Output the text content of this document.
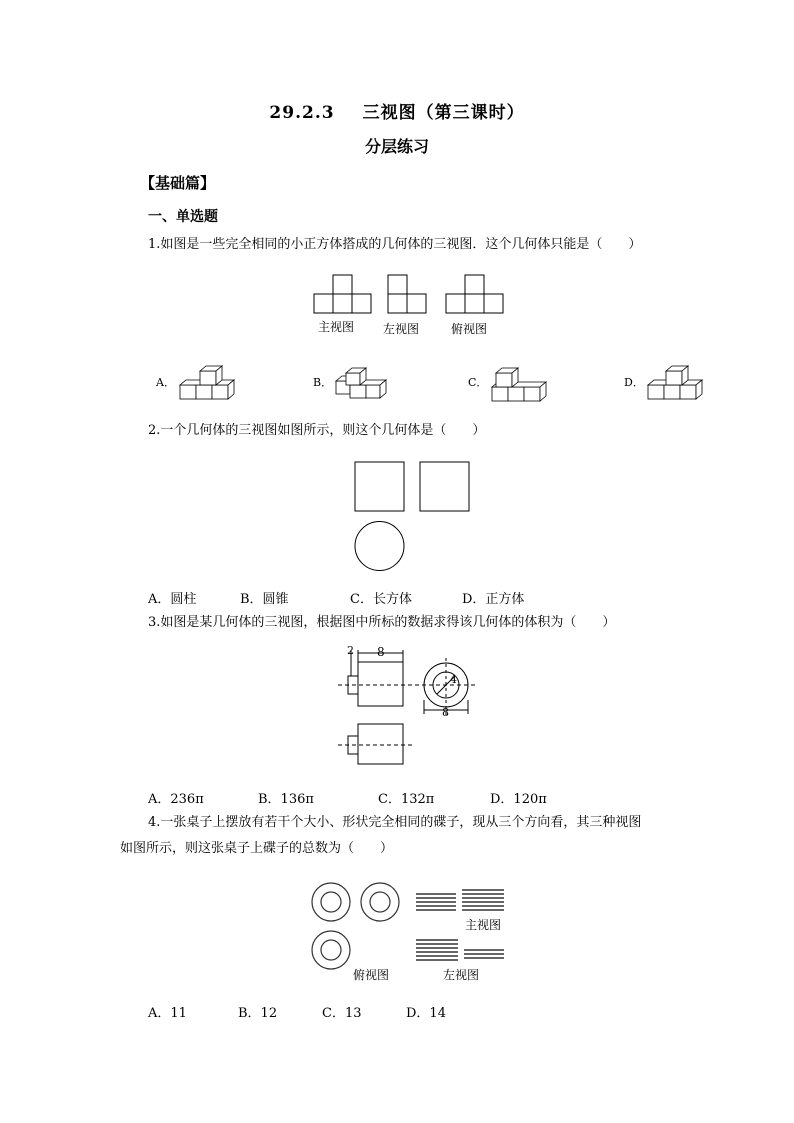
29.2.3 三视图（第三课时）
分层练习
【基础篇】
一、单选题
1.如图是一些完全相同的小正方体搭成的几何体的三视图．这个几何体只能是（　　）
主视图 左视图	俯视图
A．	B．	C．	D．
2.一个几何体的三视图如图所示，则这个几何体是（　　）
A．圆柱	B．圆锥	C．长方体	D．正方体
3.如图是某几何体的三视图，根据图中所标的数据求得该几何体的体积为（　　）
2 8
4
8
A．236π	B．136π	C．132π	D．120π
4.一张桌子上摆放有若干个大小、形状完全相同的碟子，现从三个方向看，其三种视图
如图所示，则这张桌子上碟子的总数为（　　）
主视图
俯视图	左视图
A．11	B．12	C．13	D．14
